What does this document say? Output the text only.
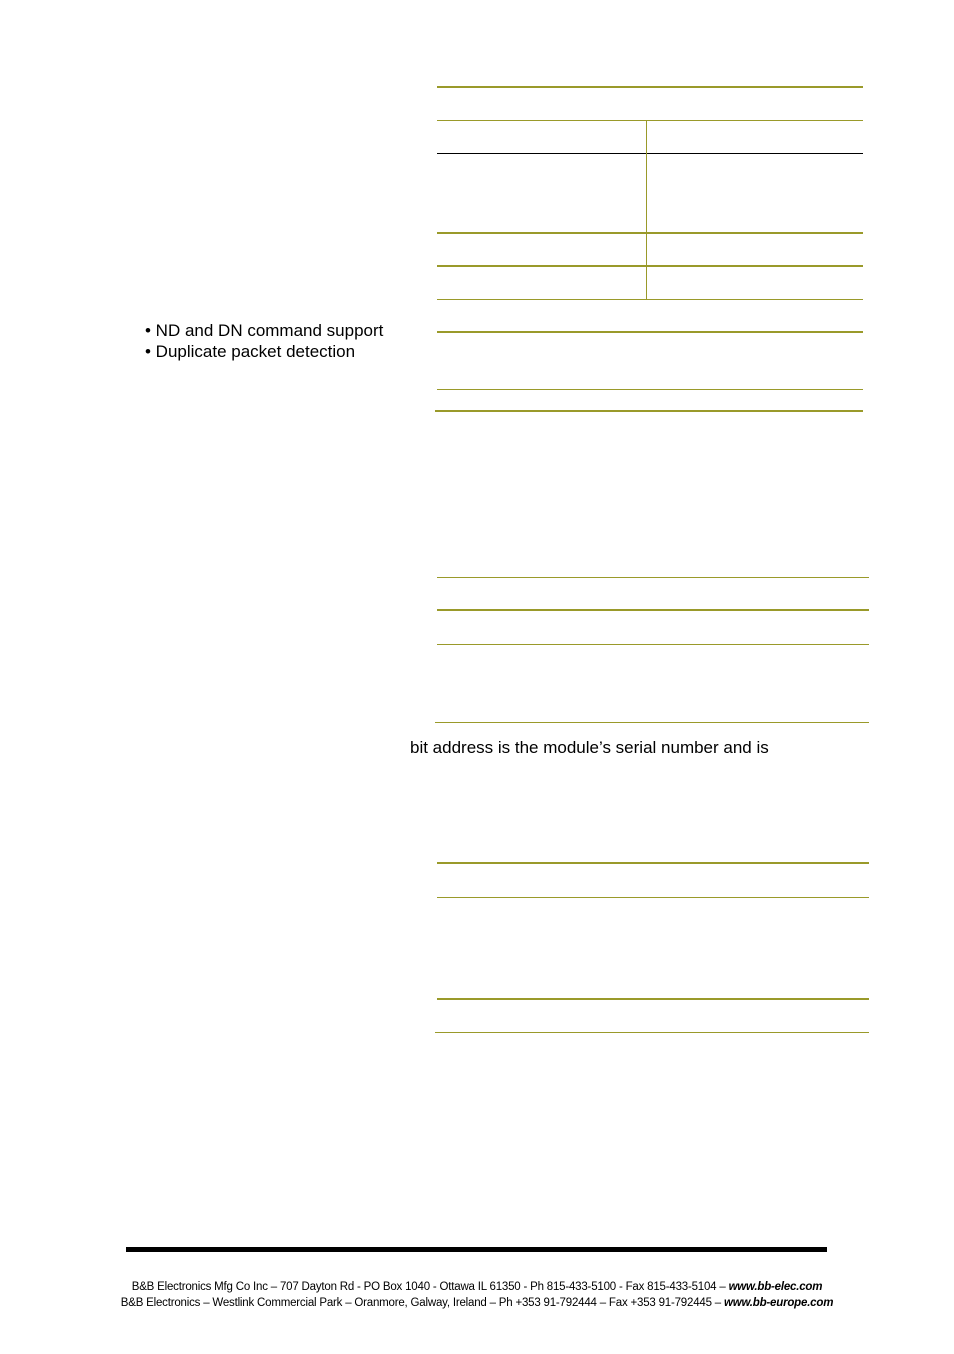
• ND and DN command support
• Duplicate packet detection
bit address is the module’s serial number and is
B&B Electronics Mfg Co Inc – 707 Dayton Rd - PO Box 1040 - Ottawa IL 61350 - Ph 815-433-5100 - Fax 815-433-5104 – www.bb-elec.com
B&B Electronics – Westlink Commercial Park – Oranmore, Galway, Ireland – Ph +353 91-792444 – Fax +353 91-792445 – www.bb-europe.com
